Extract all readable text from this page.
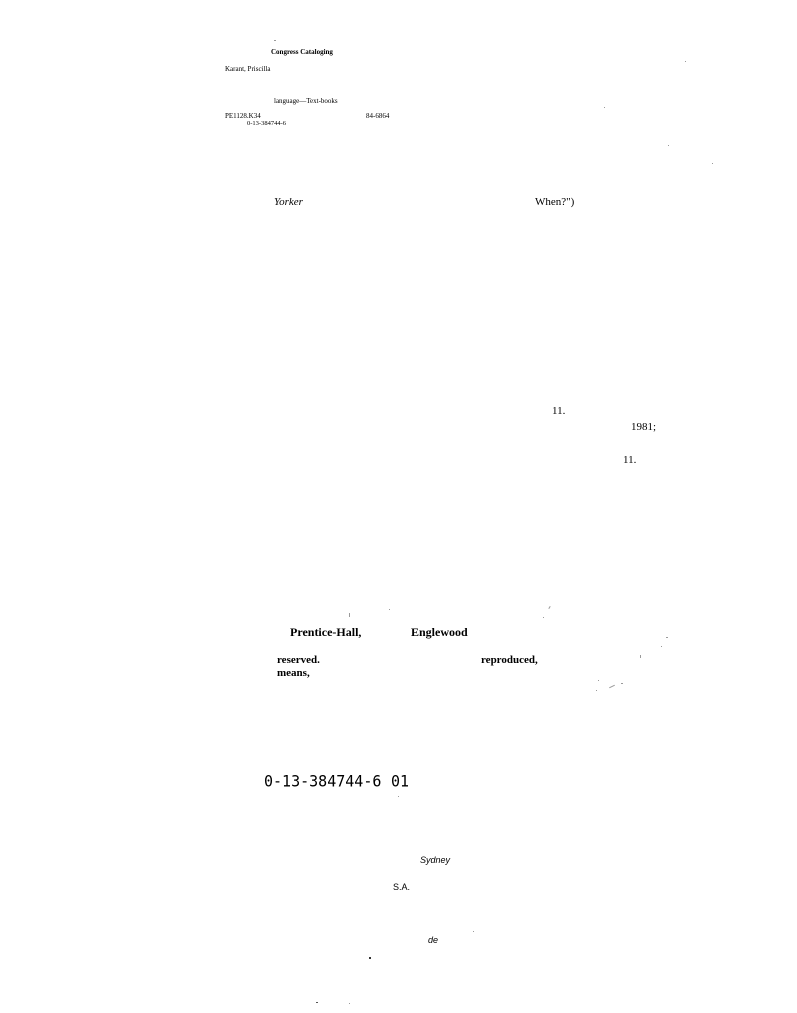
Congress Cataloging
Karant, Priscilla
language—Text-books
PE1128.K34	84-6864
0-13-384744-6
Yorker	When?")
11.
1981;
11.
Prentice-Hall,	Englewood
reserved.	reproduced,
means,
0-13-384744-6 01
Sydney
S.A.
de
